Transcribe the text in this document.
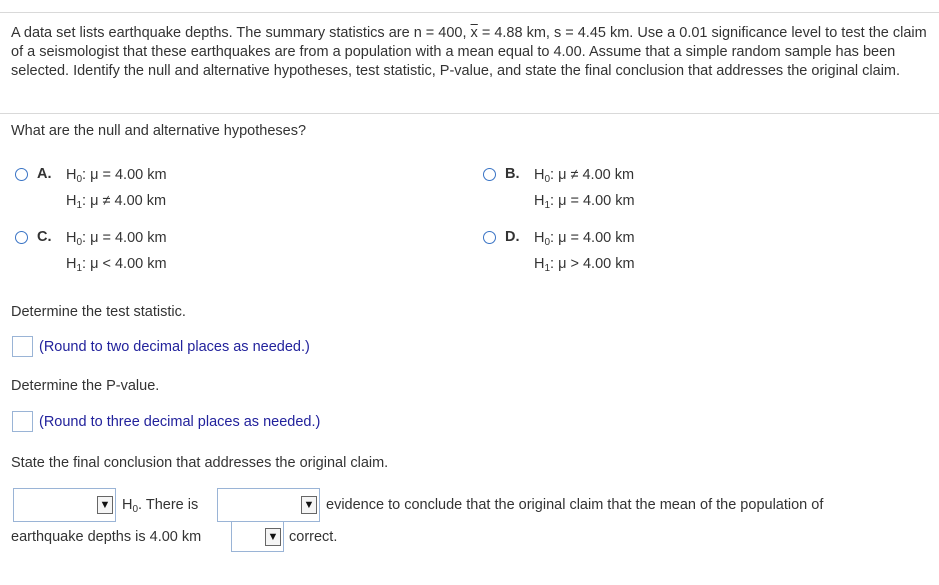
A data set lists earthquake depths. The summary statistics are n = 400, $\overline{x} = 4.88$ km, s = 4.45 km. Use a 0.01 significance level to test the claim of a seismologist that these earthquakes are from a population with a mean equal to 4.00. Assume that a simple random sample has been selected. Identify the null and alternative hypotheses, test statistic, P-value, and state the final conclusion that addresses the original claim.
What are the null and alternative hypotheses?
A. $H_0$: μ = 4.00 km
$H_1$: μ ≠ 4.00 km
B. $H_0$: μ ≠ 4.00 km
$H_1$: μ = 4.00 km
C. $H_0$: μ = 4.00 km
$H_1$: μ < 4.00 km
D. $H_0$: μ = 4.00 km
$H_1$: μ > 4.00 km
Determine the test statistic.
(Round to two decimal places as needed.)
Determine the P-value.
(Round to three decimal places as needed.)
State the final conclusion that addresses the original claim.
▼ $H_0$. There is	▼ evidence to conclude that the original claim that the mean of the population of
earthquake depths is 4.00 km	▼ correct.
